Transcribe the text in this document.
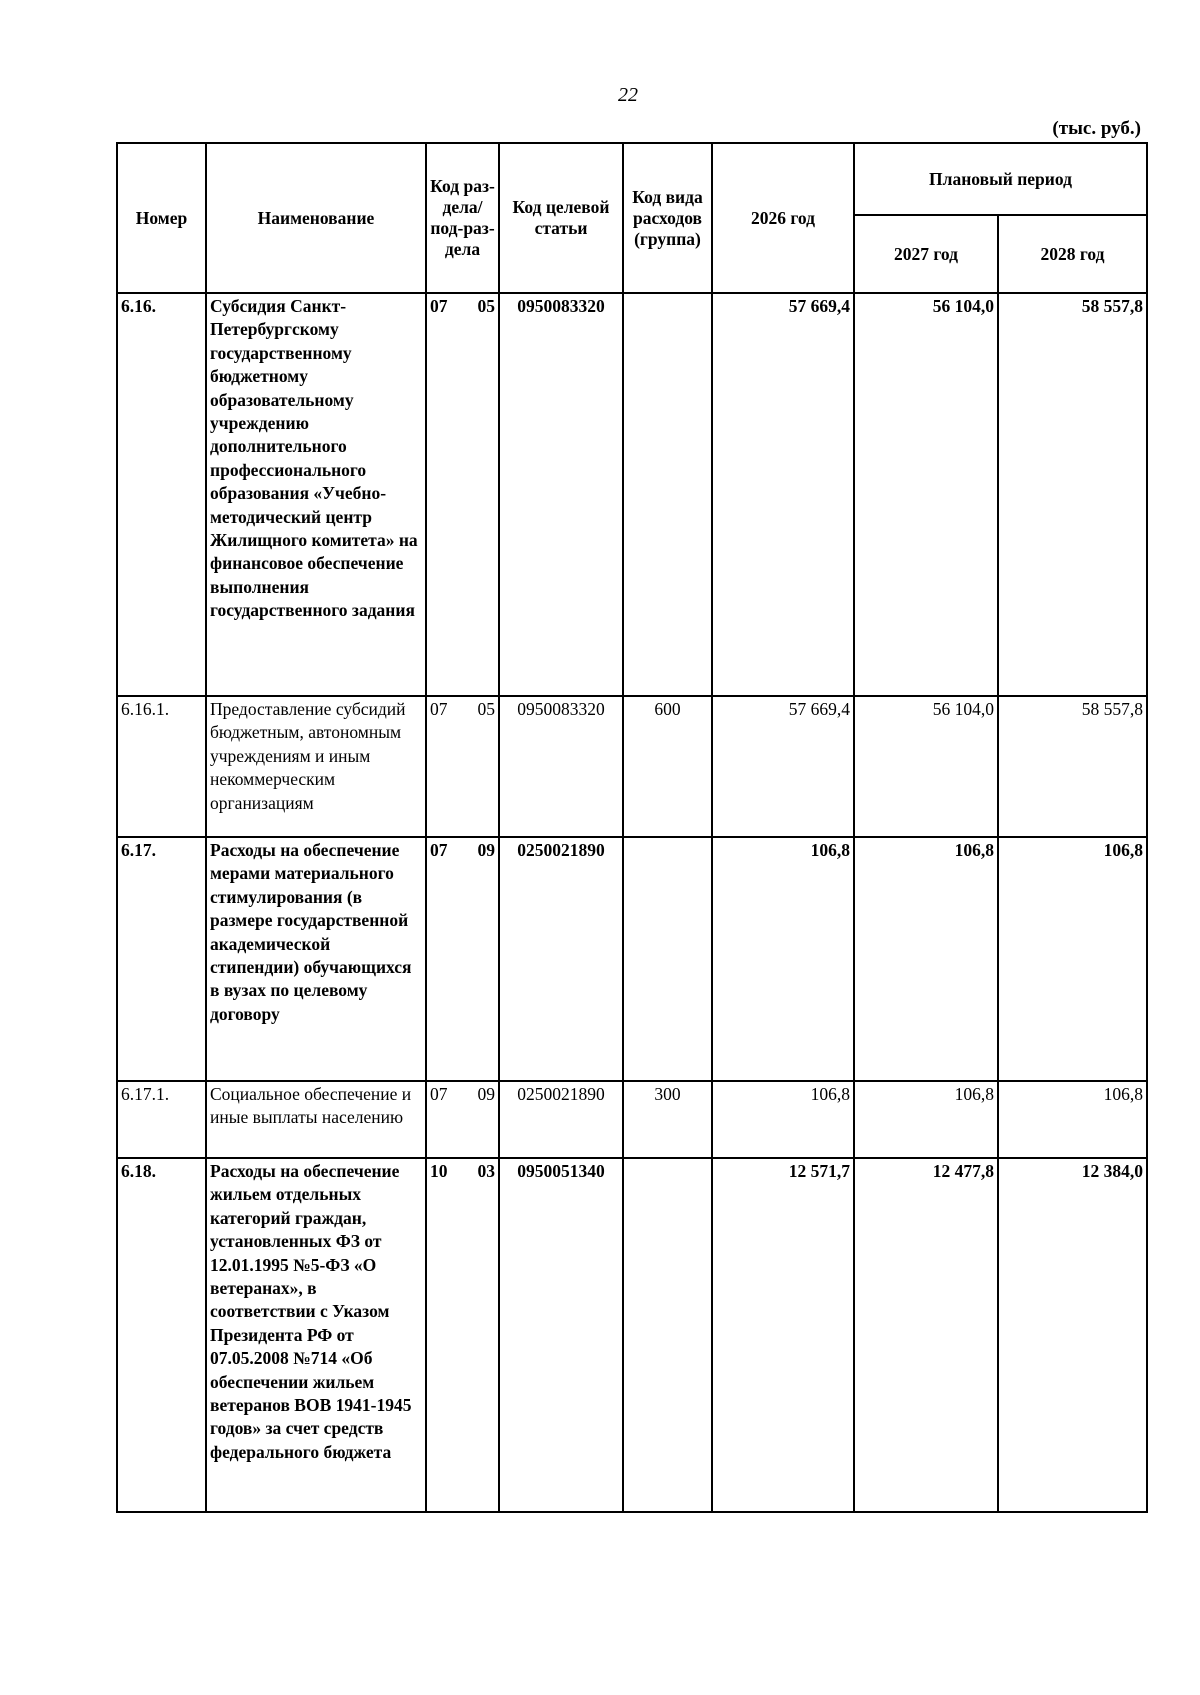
22
(тыс. руб.)
Номер	Наименование	Код раз-дела/ под-раз-дела	Код целевой статьи	Код вида расходов (группа)	2026 год	Плановый период	
						2027 год	2028 год
6.16.	Субсидия Санкт-Петербургскому государственному бюджетному образовательному учреждению дополнительного профессионального образования «Учебно-методический центр Жилищного комитета» на финансовое обеспечение выполнения государственного задания	07 05	0950083320		57 669,4	56 104,0	58 557,8
6.16.1.	Предоставление субсидий бюджетным, автономным учреждениям и иным некоммерческим организациям	07 05	0950083320	600	57 669,4	56 104,0	58 557,8
6.17.	Расходы на обеспечение мерами материального стимулирования (в размере государственной академической стипендии) обучающихся в вузах по целевому договору	07 09	0250021890		106,8	106,8	106,8
6.17.1.	Социальное обеспечение и иные выплаты населению	07 09	0250021890	300	106,8	106,8	106,8
6.18.	Расходы на обеспечение жильем отдельных категорий граждан, установленных ФЗ от 12.01.1995 №5-ФЗ «О ветеранах», в соответствии с Указом Президента РФ от 07.05.2008 №714 «Об обеспечении жильем ветеранов ВОВ 1941-1945 годов» за счет средств федерального бюджета	10 03	0950051340		12 571,7	12 477,8	12 384,0
